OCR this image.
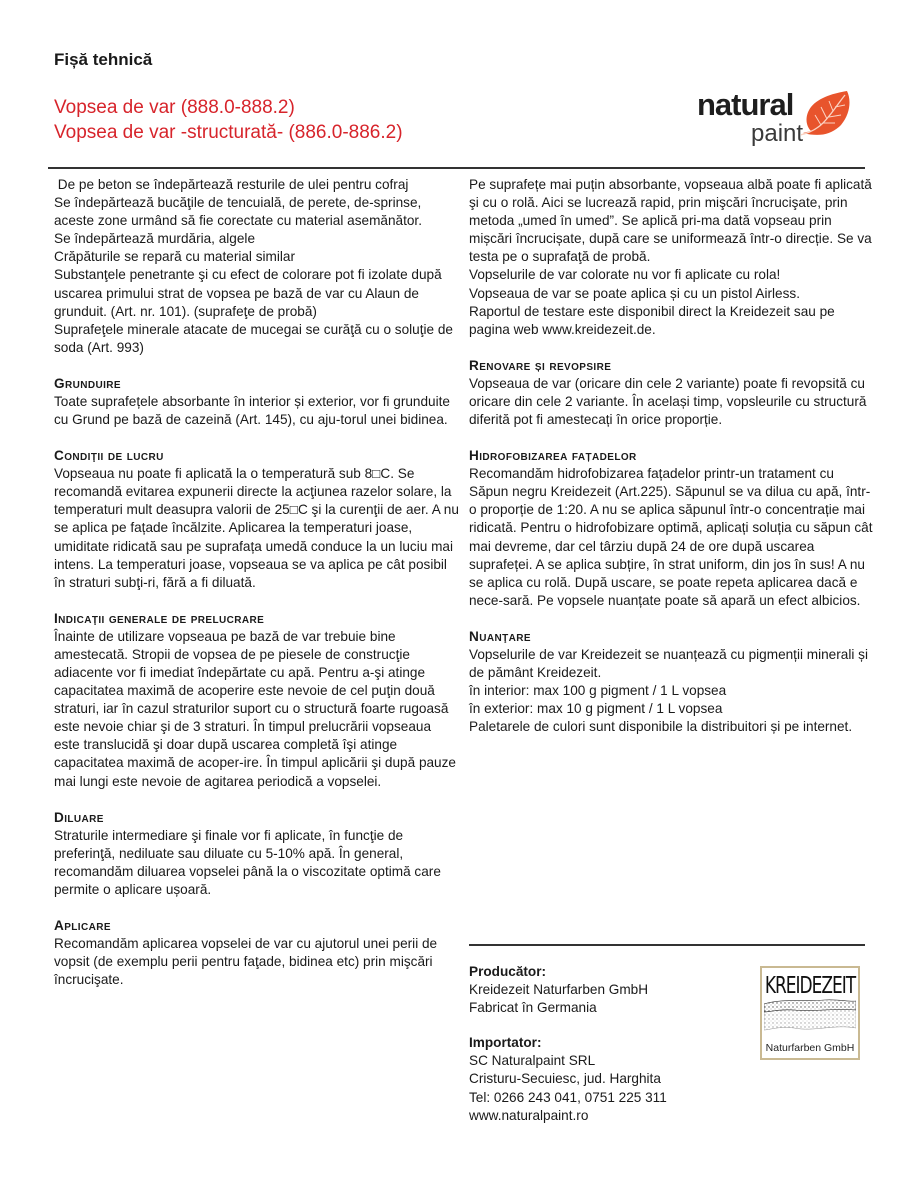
Fișă tehnică
Vopsea de var (888.0-888.2)
Vopsea de var -structurată- (886.0-886.2)
natural
paint

De pe beton se îndepărtează resturile de ulei pentru cofraj

Se îndepărtează bucăţile de tencuială, de perete, de-sprinse, aceste zone urmând să fie corectate cu material asemănător.

Se îndepărtează murdăria, algele

Crăpăturile se repară cu material similar

Substanţele penetrante şi cu efect de colorare pot fi izolate după uscarea primului strat de vopsea pe bază de var cu Alaun de grunduit. (Art. nr. 101). (suprafeţe de probă)

Suprafeţele minerale atacate de mucegai se curăţă cu o soluţie de soda (Art. 993)

Grunduire

Toate suprafețele absorbante în interior și exterior, vor fi grunduite cu Grund pe bază de cazeină (Art. 145), cu aju-torul unei bidinea.

Condiţii de lucru

Vopseaua nu poate fi aplicată la o temperatură sub 8□C. Se recomandă evitarea expunerii directe la acţiunea razelor solare, la temperaturi mult deasupra valorii de 25□C şi la curenţii de aer. A nu se aplica pe fațade încălzite. Aplicarea la temperaturi joase, umiditate ridicată sau pe suprafața umedă conduce la un luciu mai intens. La temperaturi joase, vopseaua se va aplica pe cât posibil în straturi subţi-ri, fără a fi diluată.

Indicaţii generale de prelucrare

Înainte de utilizare vopseaua pe bază de var trebuie bine amestecată. Stropii de vopsea de pe piesele de construcţie adiacente vor fi imediat îndepărtate cu apă. Pentru a-şi atinge capacitatea maximă de acoperire este nevoie de cel puţin două straturi, iar în cazul straturilor suport cu o structură foarte rugoasă este nevoie chiar şi de 3 straturi. În timpul prelucrării vopseaua este translucidă şi doar după uscarea completă îşi atinge capacitatea maximă de acoper-ire. În timpul aplicării şi după pauze mai lungi este nevoie de agitarea periodică a vopselei.

Diluare

Straturile intermediare şi finale vor fi aplicate, în funcţie de preferinţă, nediluate sau diluate cu 5-10% apă. În general, recomandăm diluarea vopselei până la o viscozitate optimă care permite o aplicare ușoară.

Aplicare

Recomandăm aplicarea vopselei de var cu ajutorul unei perii de vopsit (de exemplu perii pentru faţade, bidinea etc) prin mişcări încrucişate.

Pe suprafețe mai puțin absorbante, vopseaua albă poate fi aplicată şi cu o rolă. Aici se lucrează rapid, prin mişcări încrucişate, prin metoda „umed în umed”. Se aplică pri-ma dată vopseau prin mișcări încrucișate, după care se uniformează într-o direcție. Se va testa pe o suprafaţă de probă.

Vopselurile de var colorate nu vor fi aplicate cu rola!

Vopseaua de var se poate aplica și cu un pistol Airless.

Raportul de testare este disponibil direct la Kreidezeit sau pe pagina web www.kreidezeit.de.

Renovare și revopsire

Vopseaua de var (oricare din cele 2 variante) poate fi revopsită cu oricare din cele 2 variante. În același timp, vopsleurile cu structură diferită pot fi amestecați în orice proporție.

Hidrofobizarea fațadelor

Recomandăm hidrofobizarea fațadelor printr-un tratament cu Săpun negru Kreidezeit (Art.225). Săpunul se va dilua cu apă, într-o proporție de 1:20. A nu se aplica săpunul într-o concentrație mai ridicată. Pentru o hidrofobizare optimă, aplicați soluția cu săpun cât mai devreme, dar cel târziu după 24 de ore după uscarea suprafeței. A se aplica subțire, în strat uniform, din jos în sus! A nu se aplica cu rolă. După uscare, se poate repeta aplicarea dacă e nece-sară. Pe vopsele nuanțate poate să apară un efect albicios.

Nuanţare

Vopselurile de var Kreidezeit se nuanțează cu pigmenții minerali și de pământ Kreidezeit.

în interior: max 100 g pigment / 1 L vopsea

în exterior: max 10 g pigment / 1 L vopsea

Paletarele de culori sunt disponibile la distribuitori și pe internet.

Producător:

Kreidezeit Naturfarben GmbH

Fabricat în Germania

Importator:

SC Naturalpaint SRL

Cristuru-Secuiesc, jud. Harghita

Tel: 0266 243 041, 0751 225 311

www.naturalpaint.ro

KREIDEZEIT
Naturfarben GmbH
